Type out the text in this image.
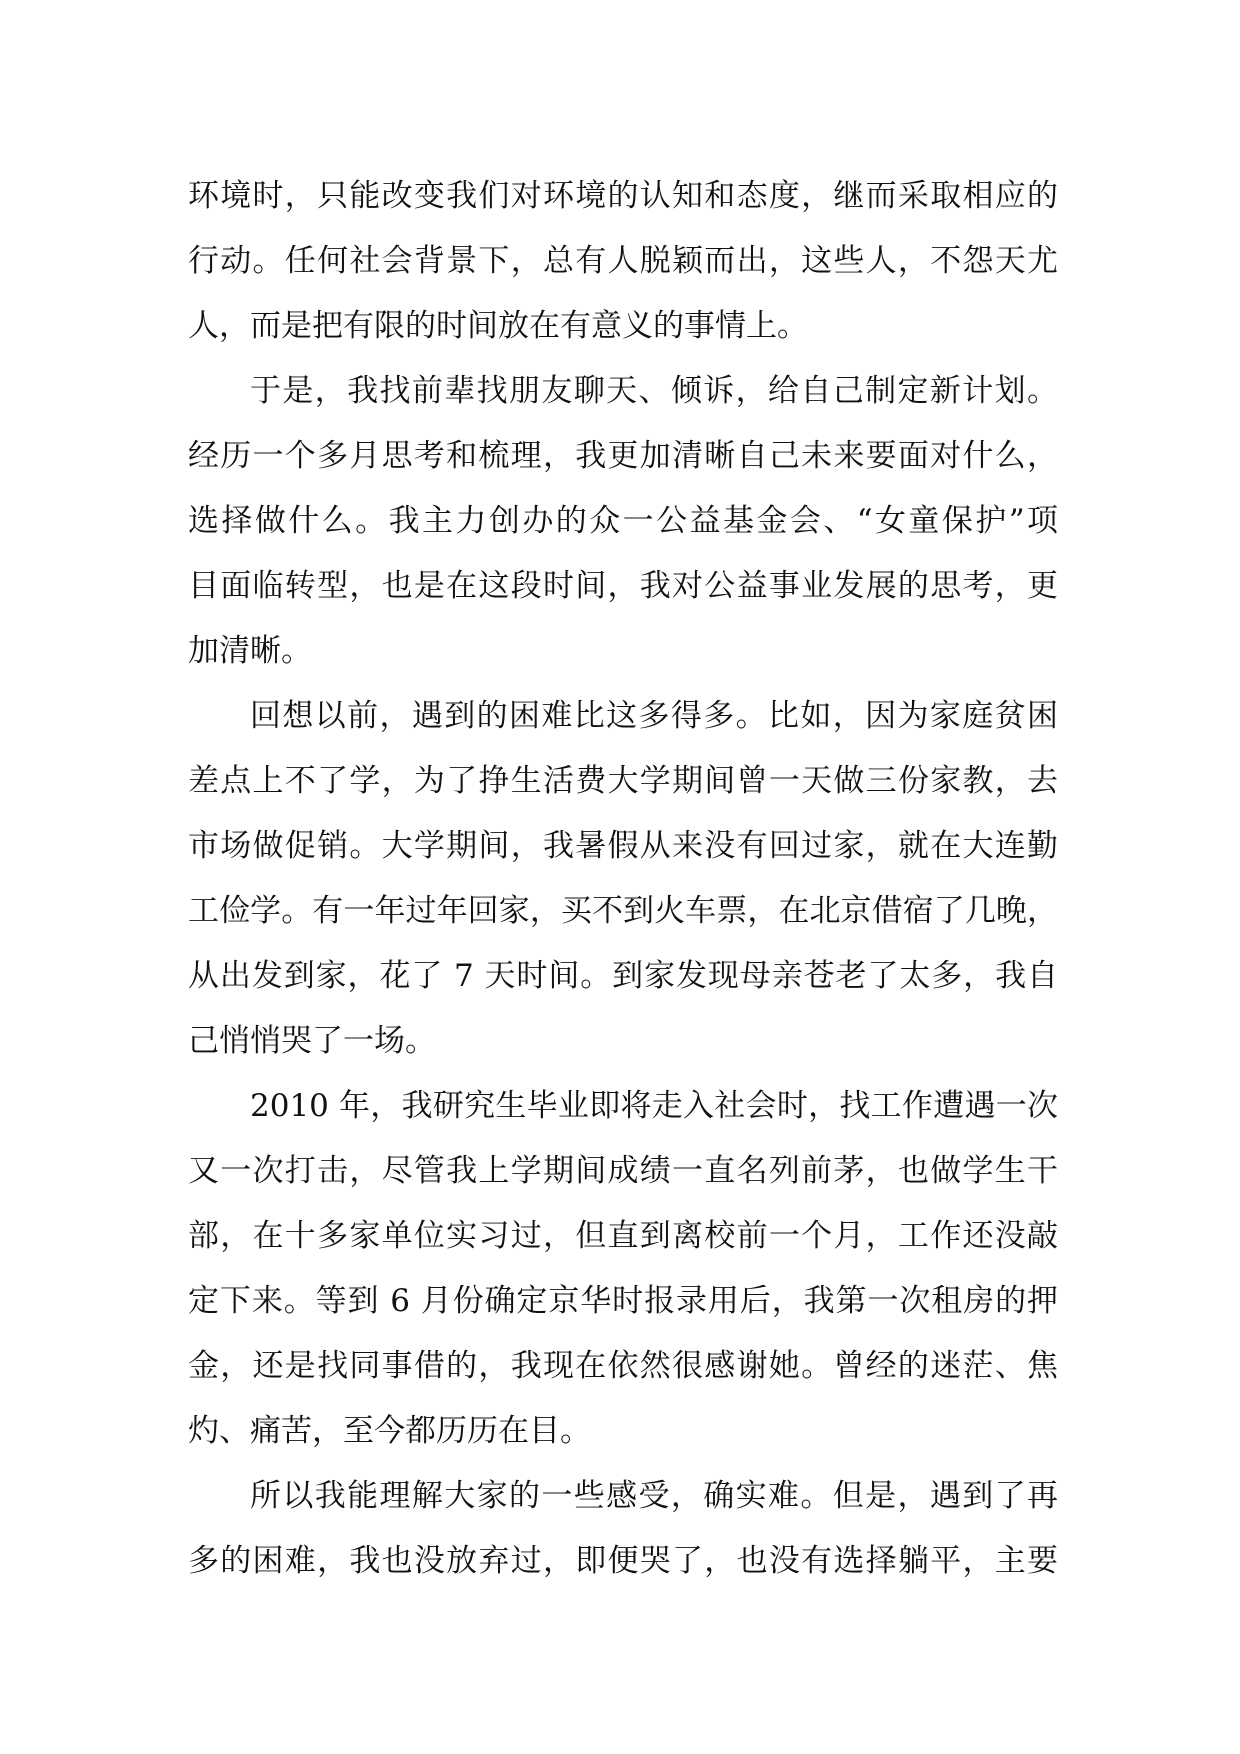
环境时，只能改变我们对环境的认知和态度，继而采取相应的
行动。任何社会背景下，总有人脱颖而出，这些人，不怨天尤
人，而是把有限的时间放在有意义的事情上。
于是，我找前辈找朋友聊天、倾诉，给自己制定新计划。
经历一个多月思考和梳理，我更加清晰自己未来要面对什么，
选择做什么。我主力创办的众一公益基金会、“女童保护”项
目面临转型，也是在这段时间，我对公益事业发展的思考，更
加清晰。
回想以前，遇到的困难比这多得多。比如，因为家庭贫困
差点上不了学，为了挣生活费大学期间曾一天做三份家教，去
市场做促销。大学期间，我暑假从来没有回过家，就在大连勤
工俭学。有一年过年回家，买不到火车票，在北京借宿了几晚，
从出发到家，花了 7 天时间。到家发现母亲苍老了太多，我自
己悄悄哭了一场。
2010 年，我研究生毕业即将走入社会时，找工作遭遇一次
又一次打击，尽管我上学期间成绩一直名列前茅，也做学生干
部，在十多家单位实习过，但直到离校前一个月，工作还没敲
定下来。等到 6 月份确定京华时报录用后，我第一次租房的押
金，还是找同事借的，我现在依然很感谢她。曾经的迷茫、焦
灼、痛苦，至今都历历在目。
所以我能理解大家的一些感受，确实难。但是，遇到了再
多的困难，我也没放弃过，即便哭了，也没有选择躺平，主要
